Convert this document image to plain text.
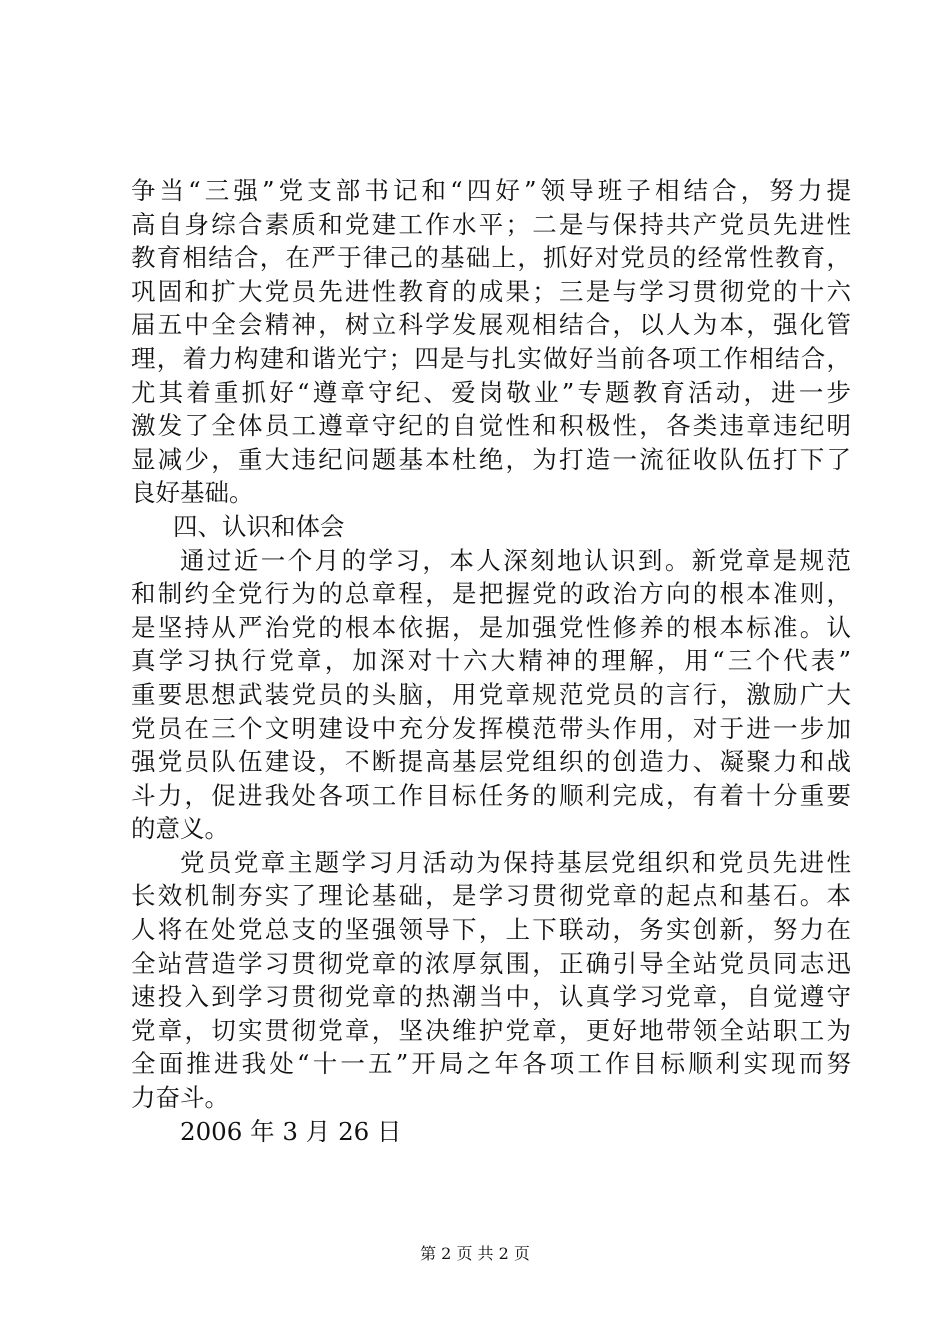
争当“三强”党支部书记和“四好”领导班子相结合，努力提
高自身综合素质和党建工作水平；二是与保持共产党员先进性
教育相结合，在严于律己的基础上，抓好对党员的经常性教育，
巩固和扩大党员先进性教育的成果；三是与学习贯彻党的十六
届五中全会精神，树立科学发展观相结合，以人为本，强化管
理，着力构建和谐光宁；四是与扎实做好当前各项工作相结合，
尤其着重抓好“遵章守纪、爱岗敬业”专题教育活动，进一步
激发了全体员工遵章守纪的自觉性和积极性，各类违章违纪明
显减少，重大违纪问题基本杜绝，为打造一流征收队伍打下了
良好基础。
四、认识和体会
通过近一个月的学习，本人深刻地认识到。新党章是规范
和制约全党行为的总章程，是把握党的政治方向的根本准则，
是坚持从严治党的根本依据，是加强党性修养的根本标准。认
真学习执行党章，加深对十六大精神的理解，用“三个代表”
重要思想武装党员的头脑，用党章规范党员的言行，激励广大
党员在三个文明建设中充分发挥模范带头作用，对于进一步加
强党员队伍建设，不断提高基层党组织的创造力、凝聚力和战
斗力，促进我处各项工作目标任务的顺利完成，有着十分重要
的意义。
党员党章主题学习月活动为保持基层党组织和党员先进性
长效机制夯实了理论基础，是学习贯彻党章的起点和基石。本
人将在处党总支的坚强领导下，上下联动，务实创新，努力在
全站营造学习贯彻党章的浓厚氛围，正确引导全站党员同志迅
速投入到学习贯彻党章的热潮当中，认真学习党章，自觉遵守
党章，切实贯彻党章，坚决维护党章，更好地带领全站职工为
全面推进我处“十一五”开局之年各项工作目标顺利实现而努
力奋斗。
2006 年 3 月 26 日
第 2 页 共 2 页
